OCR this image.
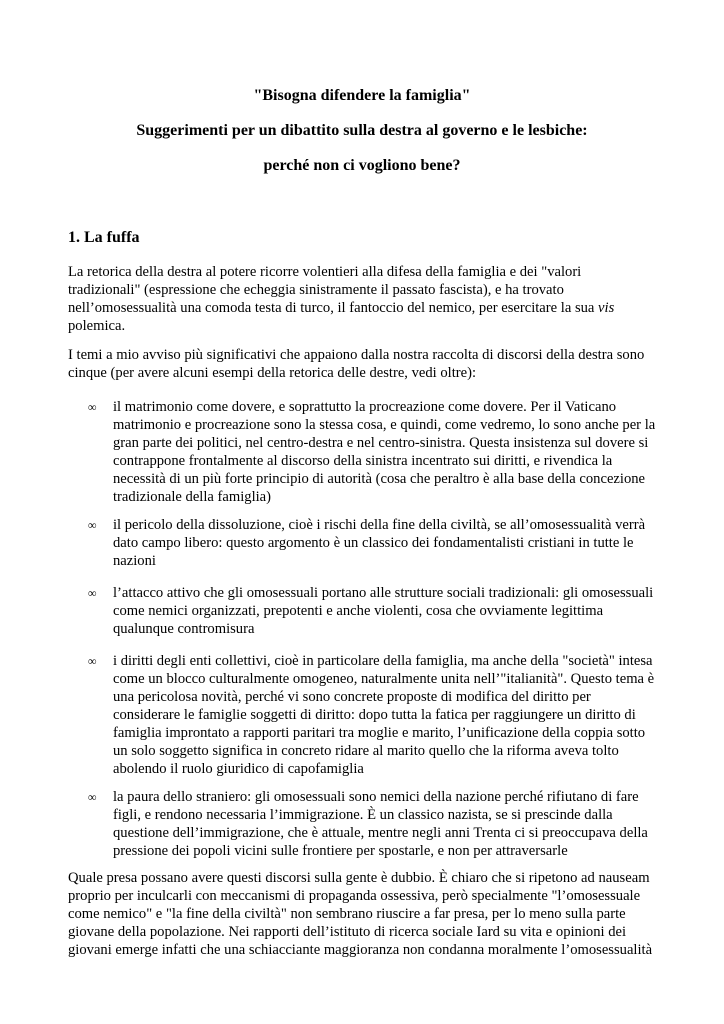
"Bisogna difendere la famiglia"
Suggerimenti per un dibattito sulla destra al governo e le lesbiche:
perché non ci vogliono bene?
1. La fuffa
La retorica della destra al potere ricorre volentieri alla difesa della famiglia e dei "valori
tradizionali" (espressione che echeggia sinistramente il passato fascista), e ha trovato
nell’omosessualità una comoda testa di turco, il fantoccio del nemico, per esercitare la sua vis
polemica.
I temi a mio avviso più significativi che appaiono dalla nostra raccolta di discorsi della destra sono
cinque (per avere alcuni esempi della retorica delle destre, vedi oltre):
∞	il matrimonio come dovere, e soprattutto la procreazione come dovere. Per il Vaticano
matrimonio e procreazione sono la stessa cosa, e quindi, come vedremo, lo sono anche per la
gran parte dei politici, nel centro-destra e nel centro-sinistra. Questa insistenza sul dovere si
contrappone frontalmente al discorso della sinistra incentrato sui diritti, e rivendica la
necessità di un più forte principio di autorità (cosa che peraltro è alla base della concezione
tradizionale della famiglia)
∞	il pericolo della dissoluzione, cioè i rischi della fine della civiltà, se all’omosessualità verrà
dato campo libero: questo argomento è un classico dei fondamentalisti cristiani in tutte le
nazioni
∞	l’attacco attivo che gli omosessuali portano alle strutture sociali tradizionali: gli omosessuali
come nemici organizzati, prepotenti e anche violenti, cosa che ovviamente legittima
qualunque contromisura
∞	i diritti degli enti collettivi, cioè in particolare della famiglia, ma anche della "società" intesa
come un blocco culturalmente omogeneo, naturalmente unita nell’"italianità". Questo tema è
una pericolosa novità, perché vi sono concrete proposte di modifica del diritto per
considerare le famiglie soggetti di diritto: dopo tutta la fatica per raggiungere un diritto di
famiglia improntato a rapporti paritari tra moglie e marito, l’unificazione della coppia sotto
un solo soggetto significa in concreto ridare al marito quello che la riforma aveva tolto
abolendo il ruolo giuridico di capofamiglia
∞	la paura dello straniero: gli omosessuali sono nemici della nazione perché rifiutano di fare
figli, e rendono necessaria l’immigrazione. È un classico nazista, se si prescinde dalla
questione dell’immigrazione, che è attuale, mentre negli anni Trenta ci si preoccupava della
pressione dei popoli vicini sulle frontiere per spostarle, e non per attraversarle
Quale presa possano avere questi discorsi sulla gente è dubbio. È chiaro che si ripetono ad nauseam
proprio per inculcarli con meccanismi di propaganda ossessiva, però specialmente "l’omosessuale
come nemico" e "la fine della civiltà" non sembrano riuscire a far presa, per lo meno sulla parte
giovane della popolazione. Nei rapporti dell’istituto di ricerca sociale Iard su vita e opinioni dei
giovani emerge infatti che una schiacciante maggioranza non condanna moralmente l’omosessualità
